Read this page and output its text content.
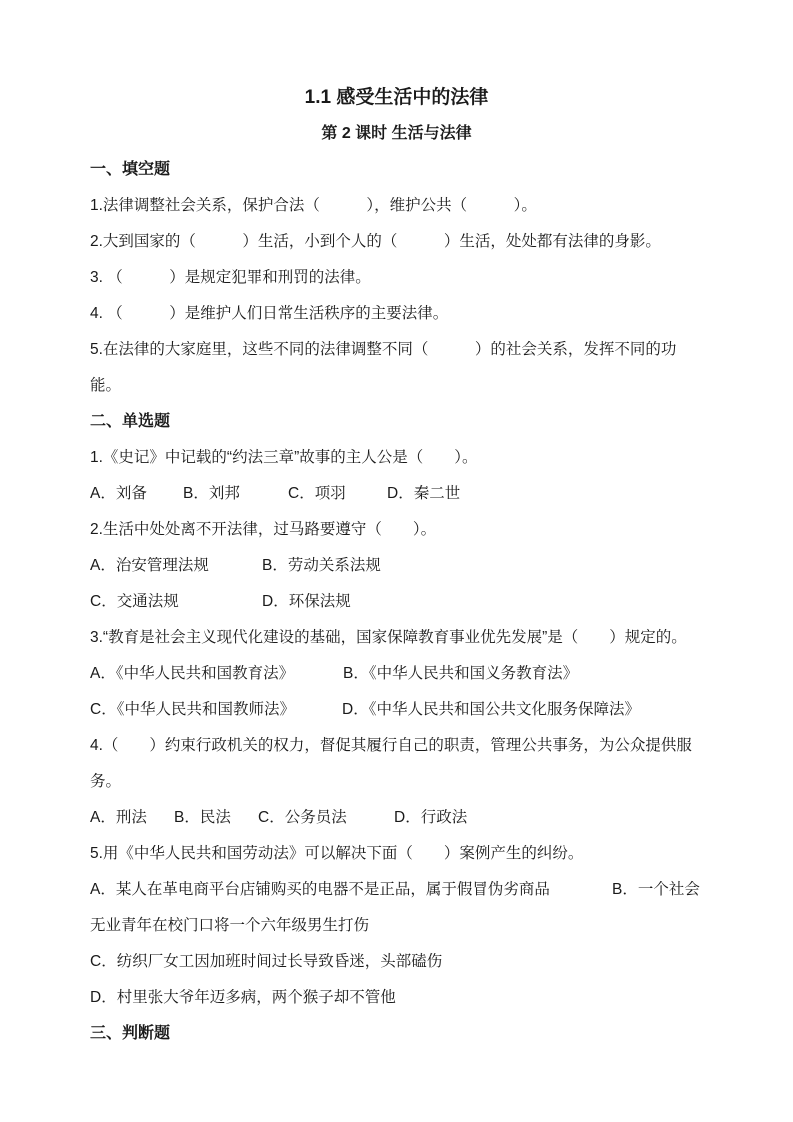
1.1 感受生活中的法律
第 2 课时 生活与法律
一、填空题
1.法律调整社会关系，保护合法（　　　），维护公共（　　　）。
2.大到国家的（　　　）生活，小到个人的（　　　）生活，处处都有法律的身影。
3. （　　　）是规定犯罪和刑罚的法律。
4. （　　　）是维护人们日常生活秩序的主要法律。
5.在法律的大家庭里，这些不同的法律调整不同（　　　）的社会关系，发挥不同的功
能。
二、单选题
1.《史记》中记载的“约法三章”故事的主人公是（　　）。

A．刘备

B．刘邦

	C．项羽

	D．秦二世

2.生活中处处离不开法律，过马路要遵守（　　）。

A．治安管理法规

	B．劳动关系法规

C．交通法规

	D．环保法规

3.“教育是社会主义现代化建设的基础，国家保障教育事业优先发展”是（　　）规定的。

A．《中华人民共和国教育法》

	B．《中华人民共和国义务教育法》

C．《中华人民共和国教师法》

	D．《中华人民共和国公共文化服务保障法》

4.（　　）约束行政机关的权力，督促其履行自己的职责，管理公共事务，为公众提供服
务。

A．刑法

B．民法

C．公务员法

	D．行政法

5.用《中华人民共和国劳动法》可以解决下面（　　）案例产生的纠纷。

A．某人在革电商平台店铺购买的电器不是正品，属于假冒伪劣商品

	B．一个社会

无业青年在校门口将一个六年级男生打伤
C．纺织厂女工因加班时间过长导致昏迷，头部磕伤
D．村里张大爷年迈多病，两个猴子却不管他
三、判断题
